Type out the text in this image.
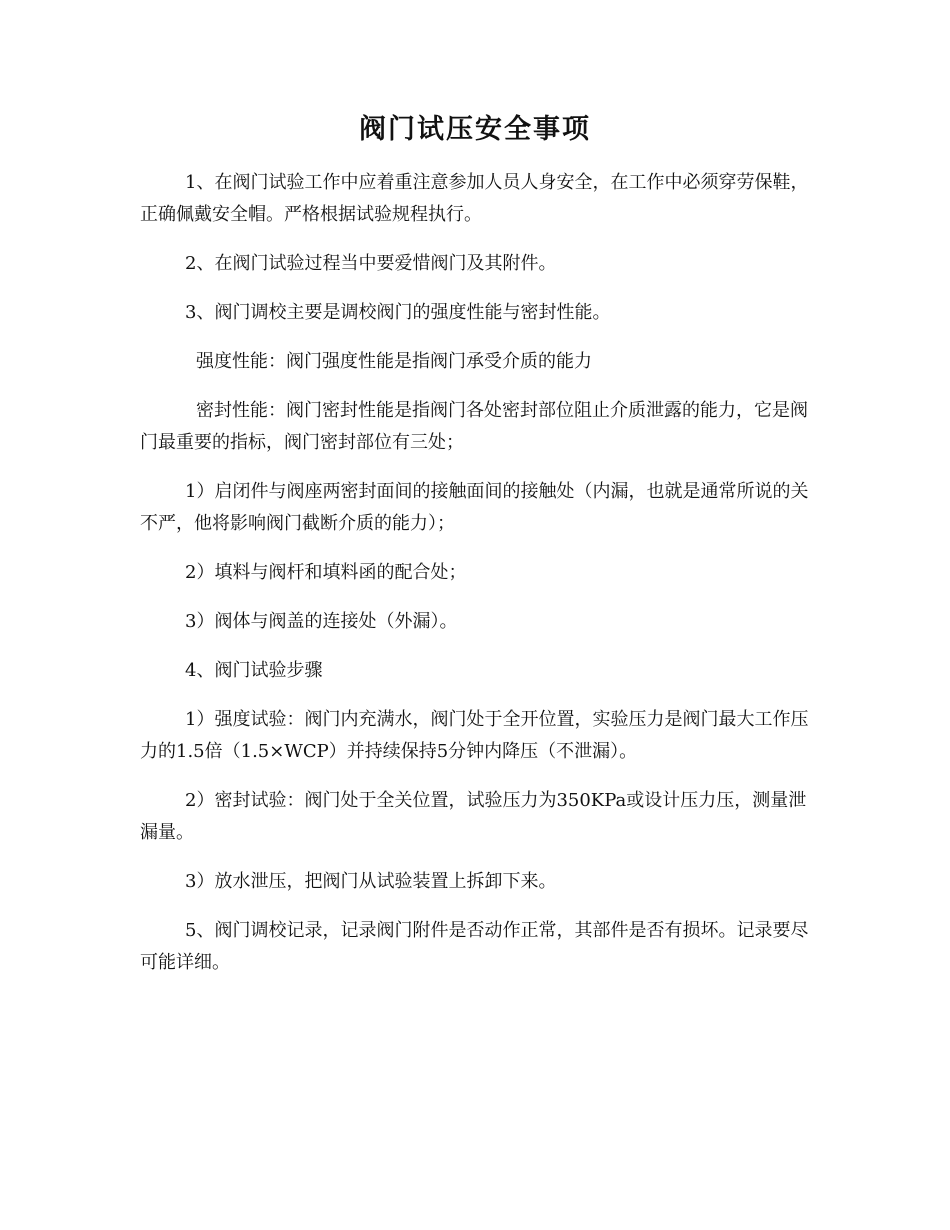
阀门试压安全事项

1、在阀门试验工作中应着重注意参加人员人身安全，在工作中必须穿劳保鞋，正确佩戴安全帽。严格根据试验规程执行。

2、在阀门试验过程当中要爱惜阀门及其附件。

3、阀门调校主要是调校阀门的强度性能与密封性能。

强度性能：阀门强度性能是指阀门承受介质的能力

密封性能：阀门密封性能是指阀门各处密封部位阻止介质泄露的能力，它是阀门最重要的指标，阀门密封部位有三处；

1）启闭件与阀座两密封面间的接触面间的接触处（内漏，也就是通常所说的关不严，他将影响阀门截断介质的能力）；

2）填料与阀杆和填料函的配合处；

3）阀体与阀盖的连接处（外漏）。

4、阀门试验步骤

1）强度试验：阀门内充满水，阀门处于全开位置，实验压力是阀门最大工作压力的1.5倍（1.5×WCP）并持续保持5分钟内降压（不泄漏）。

2）密封试验：阀门处于全关位置，试验压力为350KPa或设计压力压，测量泄漏量。

3）放水泄压，把阀门从试验装置上拆卸下来。

5、阀门调校记录，记录阀门附件是否动作正常，其部件是否有损坏。记录要尽可能详细。
